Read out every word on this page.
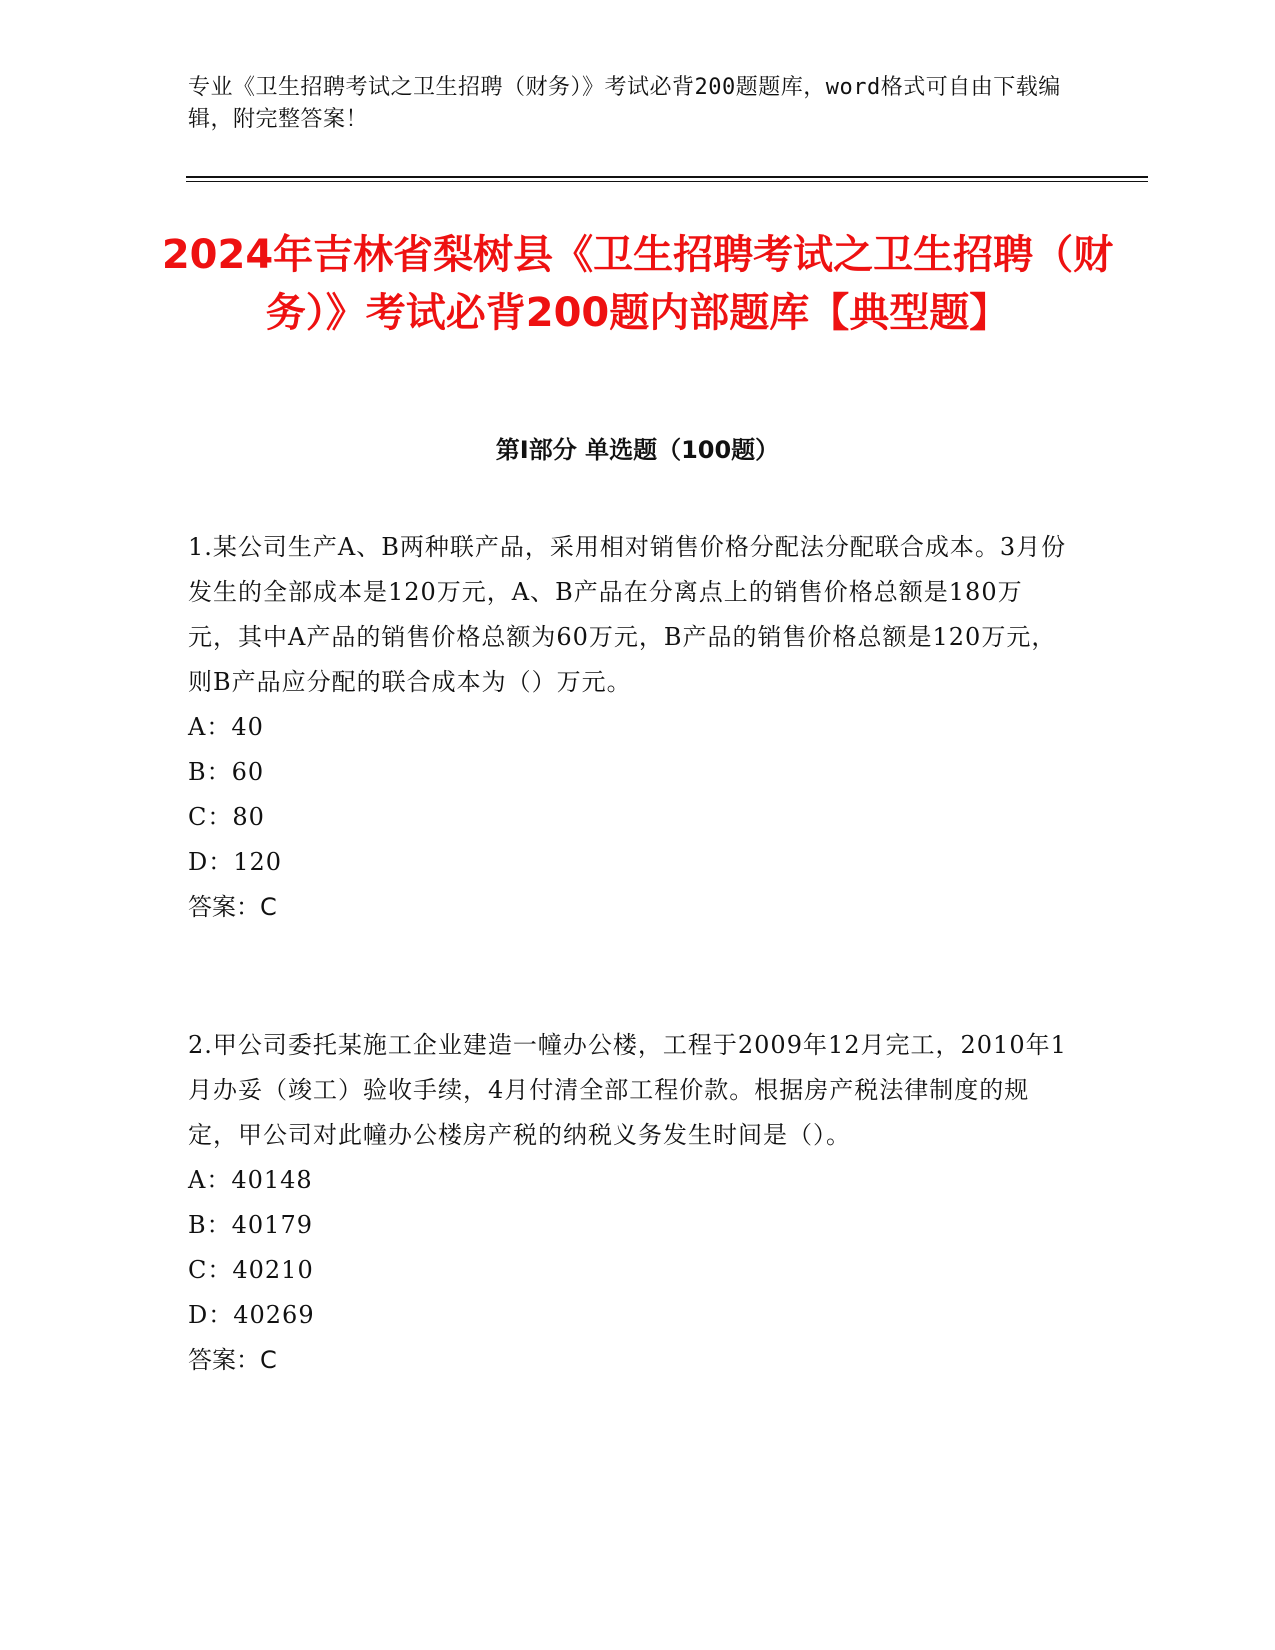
专业《卫生招聘考试之卫生招聘（财务）》考试必背200题题库，word格式可自由下载编辑，附完整答案！
2024年吉林省梨树县《卫生招聘考试之卫生招聘（财务）》考试必背200题内部题库【典型题】
第I部分 单选题（100题）

1.某公司生产A、B两种联产品，采用相对销售价格分配法分配联合成本。3月份发生的全部成本是120万元，A、B产品在分离点上的销售价格总额是180万元，其中A产品的销售价格总额为60万元，B产品的销售价格总额是120万元，则B产品应分配的联合成本为（）万元。

A：40

B：60

C：80

D：120

答案：C

2.甲公司委托某施工企业建造一幢办公楼，工程于2009年12月完工，2010年1月办妥（竣工）验收手续，4月付清全部工程价款。根据房产税法律制度的规定，甲公司对此幢办公楼房产税的纳税义务发生时间是（）。

A：40148

B：40179

C：40210

D：40269

答案：C
